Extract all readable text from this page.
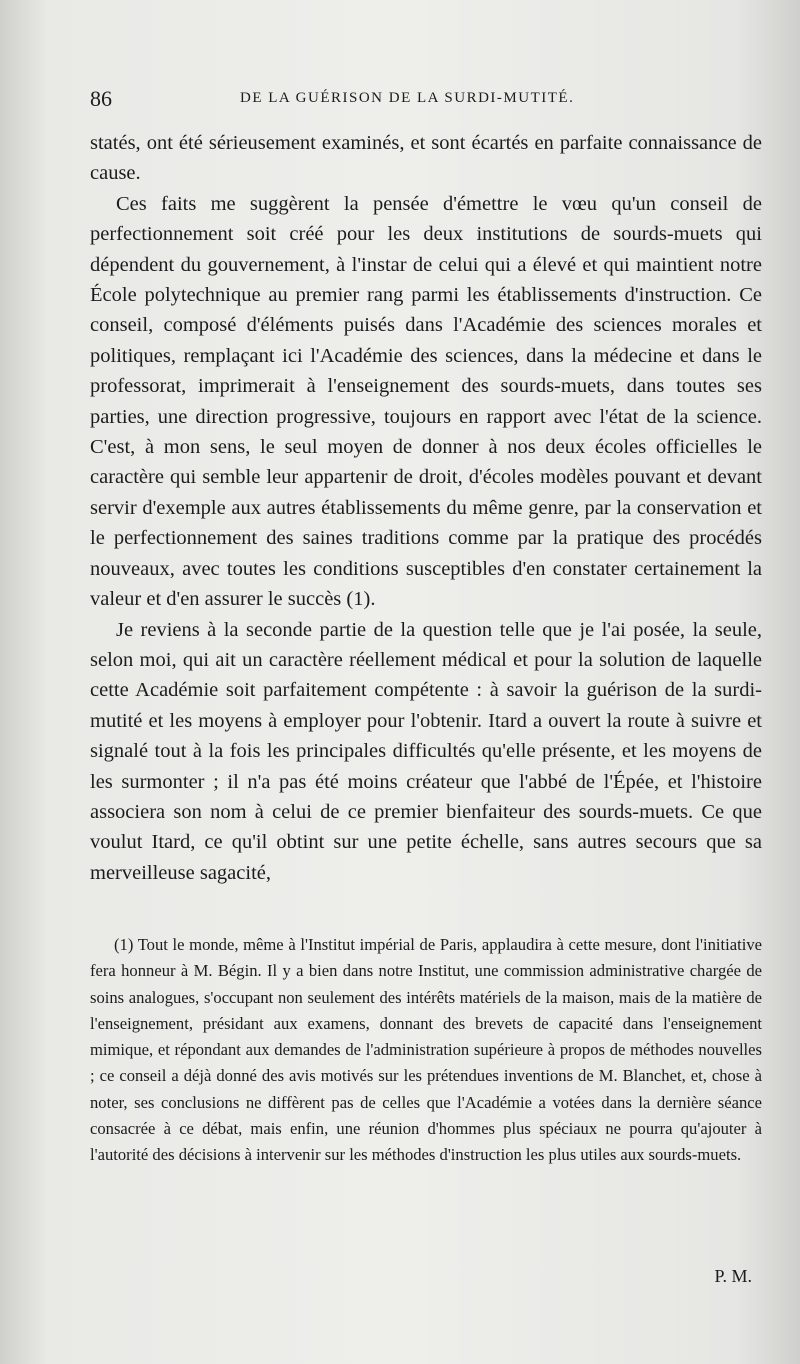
86	DE LA GUÉRISON DE LA SURDI-MUTITÉ.

statés, ont été sérieusement examinés, et sont écartés en parfaite connaissance de cause.

Ces faits me suggèrent la pensée d'émettre le vœu qu'un conseil de perfectionnement soit créé pour les deux institutions de sourds-muets qui dépendent du gouvernement, à l'instar de celui qui a élevé et qui maintient notre École polytechnique au premier rang parmi les établissements d'instruction. Ce conseil, composé d'éléments puisés dans l'Académie des sciences morales et politiques, remplaçant ici l'Académie des sciences, dans la médecine et dans le professorat, imprimerait à l'enseignement des sourds-muets, dans toutes ses parties, une direction progressive, toujours en rapport avec l'état de la science. C'est, à mon sens, le seul moyen de donner à nos deux écoles officielles le caractère qui semble leur appartenir de droit, d'écoles modèles pouvant et devant servir d'exemple aux autres établissements du même genre, par la conservation et le perfectionnement des saines traditions comme par la pratique des procédés nouveaux, avec toutes les conditions susceptibles d'en constater certainement la valeur et d'en assurer le succès (1).

Je reviens à la seconde partie de la question telle que je l'ai posée, la seule, selon moi, qui ait un caractère réellement médical et pour la solution de laquelle cette Académie soit parfaitement compétente : à savoir la guérison de la surdi-mutité et les moyens à employer pour l'obtenir. Itard a ouvert la route à suivre et signalé tout à la fois les principales difficultés qu'elle présente, et les moyens de les surmonter ; il n'a pas été moins créateur que l'abbé de l'Épée, et l'histoire associera son nom à celui de ce premier bienfaiteur des sourds-muets. Ce que voulut Itard, ce qu'il obtint sur une petite échelle, sans autres secours que sa merveilleuse sagacité,

(1) Tout le monde, même à l'Institut impérial de Paris, applaudira à cette mesure, dont l'initiative fera honneur à M. Bégin. Il y a bien dans notre Institut, une commission administrative chargée de soins analogues, s'occupant non seulement des intérêts matériels de la maison, mais de la matière de l'enseignement, présidant aux examens, donnant des brevets de capacité dans l'enseignement mimique, et répondant aux demandes de l'administration supérieure à propos de méthodes nouvelles ; ce conseil a déjà donné des avis motivés sur les prétendues inventions de M. Blanchet, et, chose à noter, ses conclusions ne diffèrent pas de celles que l'Académie a votées dans la dernière séance consacrée à ce débat, mais enfin, une réunion d'hommes plus spéciaux ne pourra qu'ajouter à l'autorité des décisions à intervenir sur les méthodes d'instruction les plus utiles aux sourds-muets.

P. M.
